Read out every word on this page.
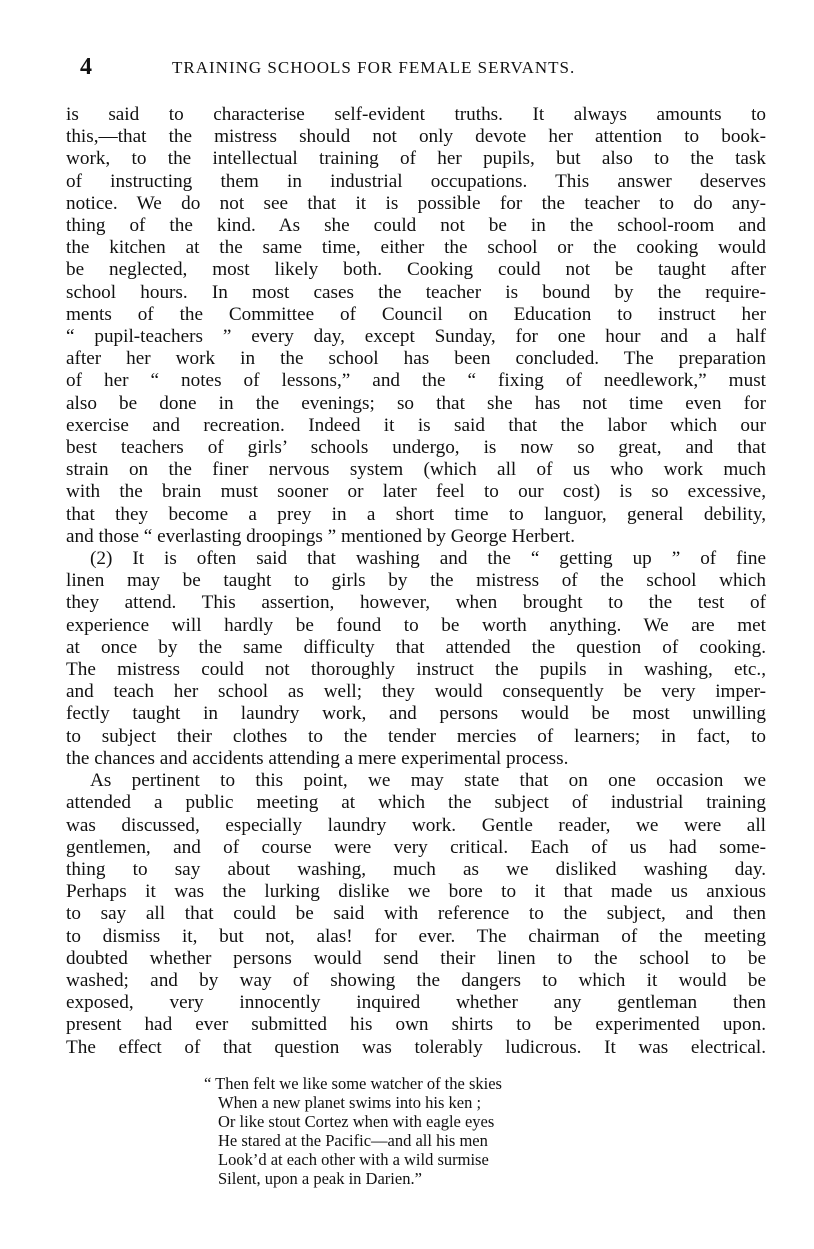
4	TRAINING SCHOOLS FOR FEMALE SERVANTS.
is said to characterise self-evident truths. It always amounts to
this,—that the mistress should not only devote her attention to book-
work, to the intellectual training of her pupils, but also to the task
of instructing them in industrial occupations. This answer deserves
notice. We do not see that it is possible for the teacher to do any-
thing of the kind. As she could not be in the school-room and
the kitchen at the same time, either the school or the cooking would
be neglected, most likely both. Cooking could not be taught after
school hours. In most cases the teacher is bound by the require-
ments of the Committee of Council on Education to instruct her
“ pupil-teachers ” every day, except Sunday, for one hour and a half
after her work in the school has been concluded. The preparation
of her “ notes of lessons,” and the “ fixing of needlework,” must
also be done in the evenings; so that she has not time even for
exercise and recreation. Indeed it is said that the labor which our
best teachers of girls’ schools undergo, is now so great, and that
strain on the finer nervous system (which all of us who work much
with the brain must sooner or later feel to our cost) is so excessive,
that they become a prey in a short time to languor, general debility,
and those “ everlasting droopings ” mentioned by George Herbert.
(2) It is often said that washing and the “ getting up ” of fine
linen may be taught to girls by the mistress of the school which
they attend. This assertion, however, when brought to the test of
experience will hardly be found to be worth anything. We are met
at once by the same difficulty that attended the question of cooking.
The mistress could not thoroughly instruct the pupils in washing, etc.,
and teach her school as well; they would consequently be very imper-
fectly taught in laundry work, and persons would be most unwilling
to subject their clothes to the tender mercies of learners; in fact, to
the chances and accidents attending a mere experimental process.
As pertinent to this point, we may state that on one occasion we
attended a public meeting at which the subject of industrial training
was discussed, especially laundry work. Gentle reader, we were all
gentlemen, and of course were very critical. Each of us had some-
thing to say about washing, much as we disliked washing day.
Perhaps it was the lurking dislike we bore to it that made us anxious
to say all that could be said with reference to the subject, and then
to dismiss it, but not, alas! for ever. The chairman of the meeting
doubted whether persons would send their linen to the school to be
washed; and by way of showing the dangers to which it would be
exposed, very innocently inquired whether any gentleman then
present had ever submitted his own shirts to be experimented upon.
The effect of that question was tolerably ludicrous. It was electrical.
“ Then felt we like some watcher of the skies
When a new planet swims into his ken ;
Or like stout Cortez when with eagle eyes
He stared at the Pacific—and all his men
Look’d at each other with a wild surmise
Silent, upon a peak in Darien.”
